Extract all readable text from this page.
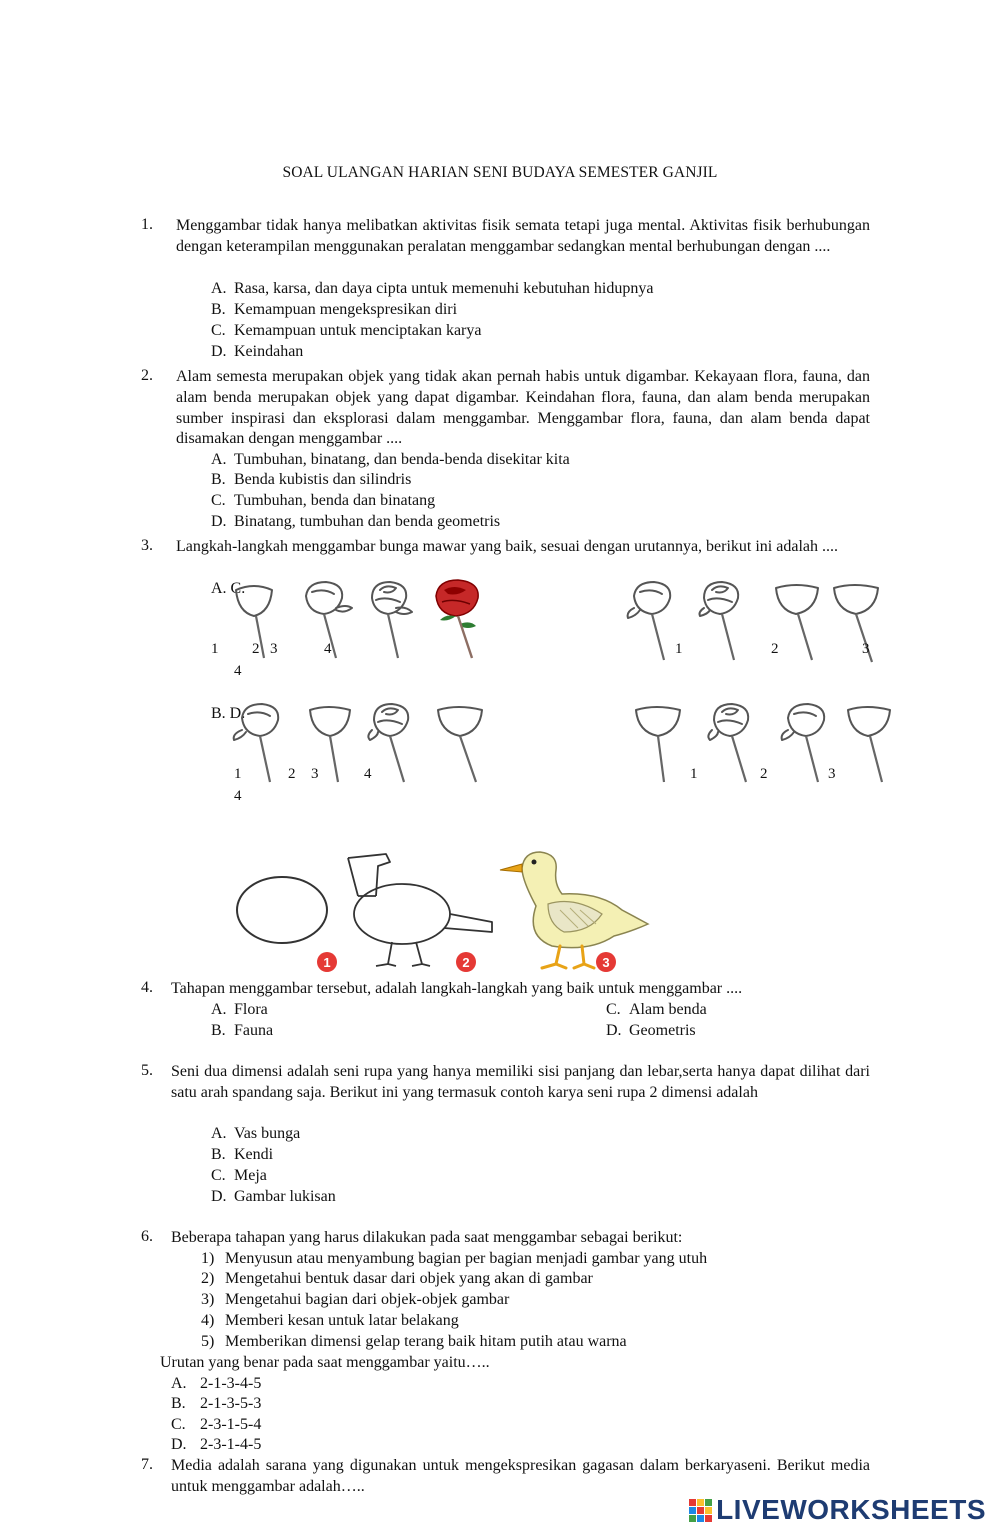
SOAL ULANGAN HARIAN SENI BUDAYA SEMESTER GANJIL
1.	Menggambar tidak hanya melibatkan aktivitas fisik semata tetapi juga mental. Aktivitas fisik berhubungan dengan keterampilan menggunakan peralatan menggambar sedangkan mental berhubungan dengan ....
A. Rasa, karsa, dan daya cipta untuk memenuhi kebutuhan hidupnya
B. Kemampuan mengekspresikan diri
C. Kemampuan untuk menciptakan karya
D. Keindahan
2.	Alam semesta merupakan objek yang tidak akan pernah habis untuk digambar. Kekayaan flora, fauna, dan alam benda merupakan objek yang dapat digambar. Keindahan flora, fauna, dan alam benda merupakan sumber inspirasi dan eksplorasi dalam menggambar. Menggambar flora, fauna, dan alam benda dapat disamakan dengan menggambar ....
A. Tumbuhan, binatang, dan benda-benda disekitar kita
B. Benda kubistis dan silindris
C. Tumbuhan, benda dan binatang
D. Binatang, tumbuhan dan benda geometris
3.	Langkah-langkah menggambar bunga mawar yang baik, sesuai dengan urutannya, berikut ini adalah ....
A. C.
1 2 3	4
4
1	2	3
B. D.
1	2 3	4
4
1	2	3
1	2	3
4.	Tahapan menggambar tersebut, adalah langkah-langkah yang baik untuk menggambar ....
A. Flora
B. Fauna
C. Alam benda
D. Geometris
5.	Seni dua dimensi adalah seni rupa yang hanya memiliki sisi panjang dan lebar,serta hanya dapat dilihat dari satu arah spandang saja. Berikut ini yang termasuk contoh karya seni rupa 2 dimensi adalah
A. Vas bunga
B. Kendi
C. Meja
D. Gambar lukisan
6.	Beberapa tahapan yang harus dilakukan pada saat menggambar sebagai berikut:
1) Menyusun atau menyambung bagian per bagian menjadi gambar yang utuh
2) Mengetahui bentuk dasar dari objek yang akan di gambar
3) Mengetahui bagian dari objek-objek gambar
4) Memberi kesan untuk latar belakang
5) Memberikan dimensi gelap terang baik hitam putih atau warna
Urutan yang benar pada saat menggambar yaitu…..
A. 2-1-3-4-5
B. 2-1-3-5-3
C. 2-3-1-5-4
D. 2-3-1-4-5
7.	Media adalah sarana yang digunakan untuk mengekspresikan gagasan dalam berkaryaseni. Berikut media untuk menggambar adalah…..
LIVEWORKSHEETS
